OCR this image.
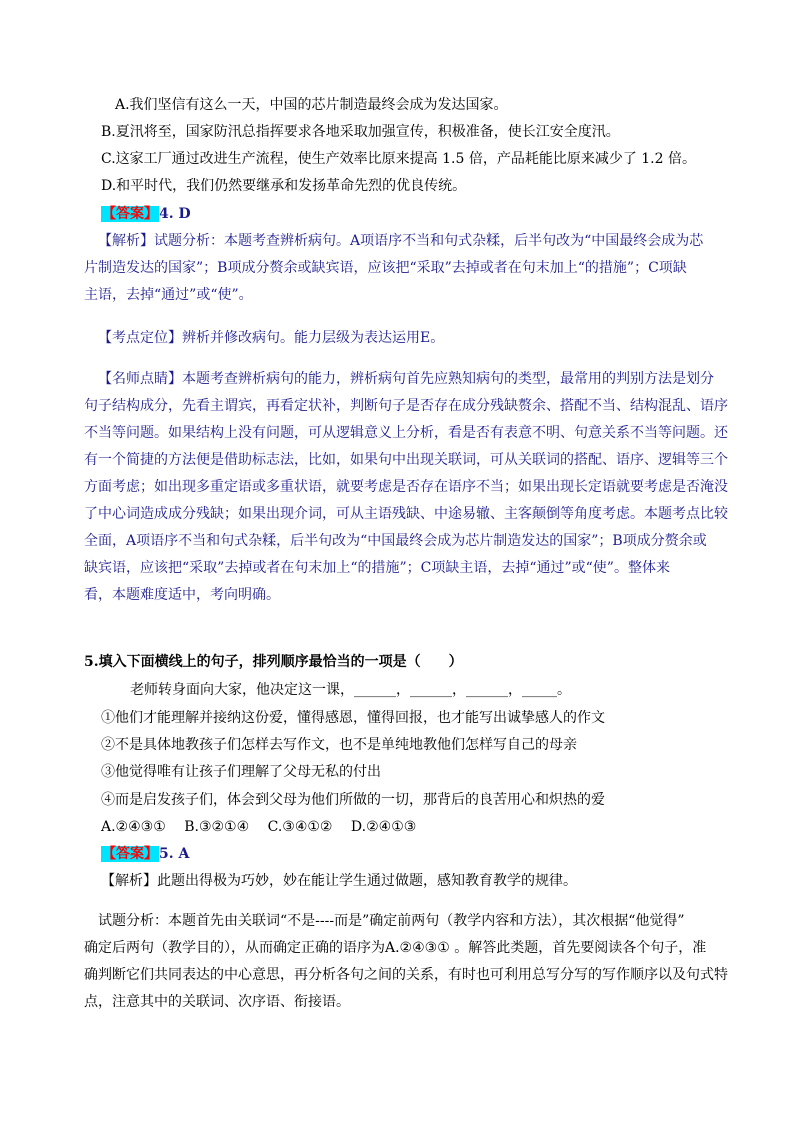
A.我们坚信有这么一天，中国的芯片制造最终会成为发达国家。
B.夏汛将至，国家防汛总指挥要求各地采取加强宣传，积极准备，使长江安全度汛。
C.这家工厂通过改进生产流程，使生产效率比原来提高 1.5 倍，产品耗能比原来减少了 1.2 倍。
D.和平时代，我们仍然要继承和发扬革命先烈的优良传统。
【答案】4. D
【解析】试题分析：本题考查辨析病句。A项语序不当和句式杂糅，后半句改为“中国最终会成为芯
片制造发达的国家”；B项成分赘余或缺宾语，应该把“采取”去掉或者在句末加上“的措施”；C项缺
主语，去掉“通过”或“使”。
【考点定位】辨析并修改病句。能力层级为表达运用E。
【名师点睛】本题考查辨析病句的能力，辨析病句首先应熟知病句的类型，最常用的判别方法是划分
句子结构成分，先看主谓宾，再看定状补，判断句子是否存在成分残缺赘余、搭配不当、结构混乱、语序
不当等问题。如果结构上没有问题，可从逻辑意义上分析，看是否有表意不明、句意关系不当等问题。还
有一个简捷的方法便是借助标志法，比如，如果句中出现关联词，可从关联词的搭配、语序、逻辑等三个
方面考虑；如出现多重定语或多重状语，就要考虑是否存在语序不当；如果出现长定语就要考虑是否淹没
了中心词造成成分残缺；如果出现介词，可从主语残缺、中途易辙、主客颠倒等角度考虑。本题考点比较
全面，A项语序不当和句式杂糅，后半句改为“中国最终会成为芯片制造发达的国家”；B项成分赘余或
缺宾语，应该把“采取”去掉或者在句末加上“的措施”；C项缺主语，去掉“通过”或“使”。整体来
看，本题难度适中，考向明确。
5.填入下面横线上的句子，排列顺序最恰当的一项是（　　）
老师转身面向大家，他决定这一课，______，______，______，_____。
①他们才能理解并接纳这份爱，懂得感恩，懂得回报，也才能写出诚挚感人的作文
②不是具体地教孩子们怎样去写作文，也不是单纯地教他们怎样写自己的母亲
③他觉得唯有让孩子们理解了父母无私的付出
④而是启发孩子们，体会到父母为他们所做的一切，那背后的良苦用心和炽热的爱
A.②④③①　 B.③②①④　 C.③④①②　 D.②④①③
【答案】5. A
【解析】此题出得极为巧妙，妙在能让学生通过做题，感知教育教学的规律。
试题分析：本题首先由关联词“不是----而是”确定前两句（教学内容和方法），其次根据“他觉得”
确定后两句（教学目的），从而确定正确的语序为A.②④③① 。解答此类题，首先要阅读各个句子，准
确判断它们共同表达的中心意思，再分析各句之间的关系，有时也可利用总写分写的写作顺序以及句式特
点，注意其中的关联词、次序语、衔接语。
